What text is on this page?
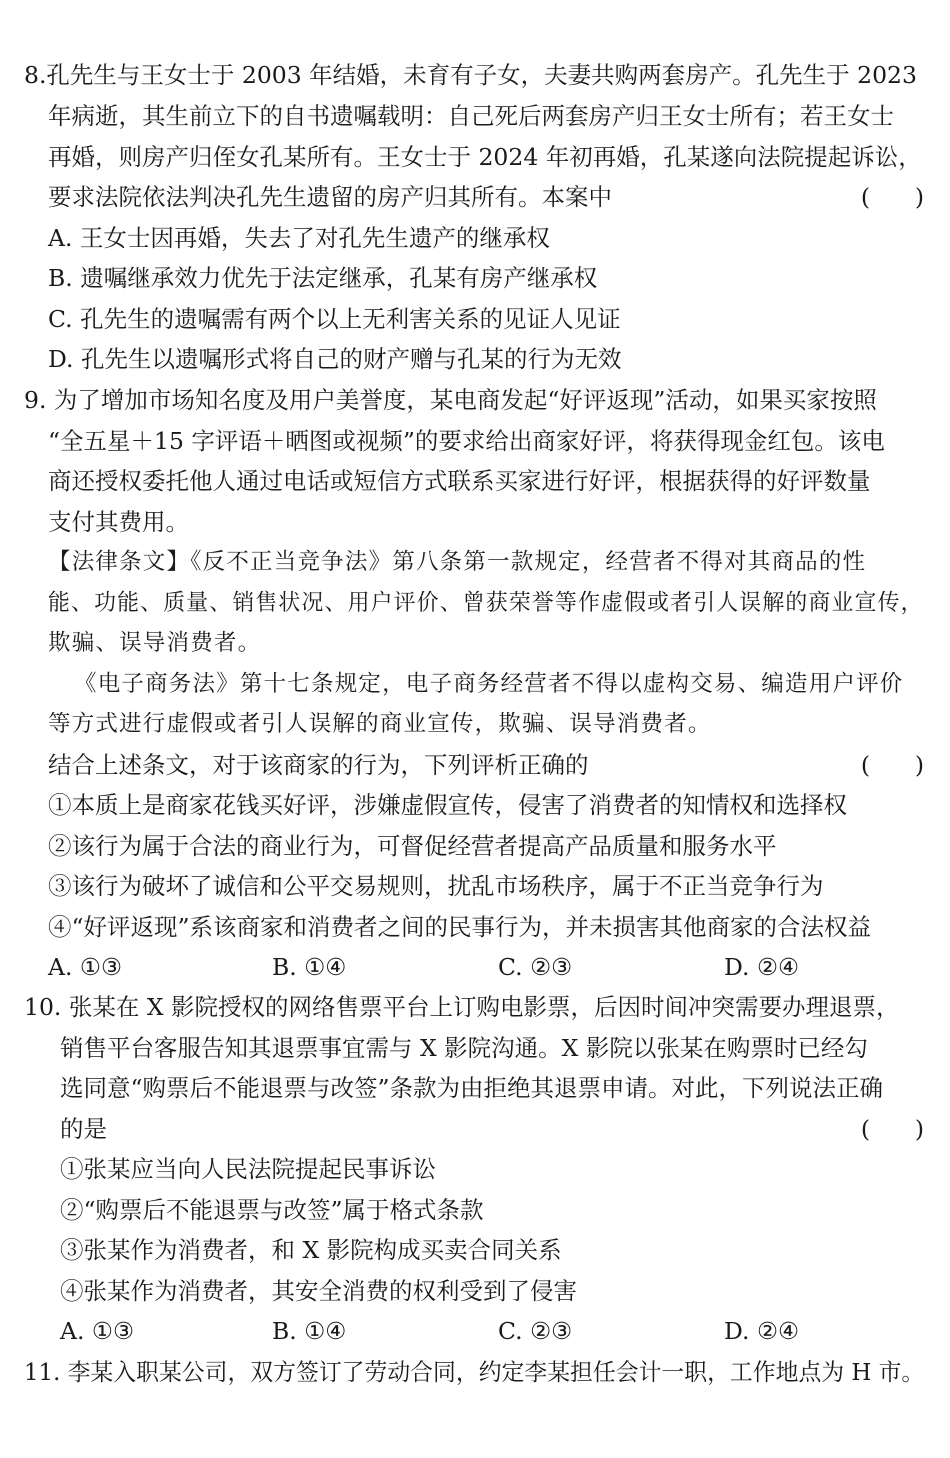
8.孔先生与王女士于 2003 年结婚，未育有子女，夫妻共购两套房产。孔先生于 2023
年病逝，其生前立下的自书遗嘱载明：自己死后两套房产归王女士所有；若王女士
再婚，则房产归侄女孔某所有。王女士于 2024 年初再婚，孔某遂向法院提起诉讼，
要求法院依法判决孔先生遗留的房产归其所有。本案中	(      )
A. 王女士因再婚，失去了对孔先生遗产的继承权
B. 遗嘱继承效力优先于法定继承，孔某有房产继承权
C. 孔先生的遗嘱需有两个以上无利害关系的见证人见证
D. 孔先生以遗嘱形式将自己的财产赠与孔某的行为无效
9. 为了增加市场知名度及用户美誉度，某电商发起“好评返现”活动，如果买家按照
“全五星＋15 字评语＋晒图或视频”的要求给出商家好评，将获得现金红包。该电
商还授权委托他人通过电话或短信方式联系买家进行好评，根据获得的好评数量
支付其费用。
【法律条文】《反不正当竞争法》第八条第一款规定，经营者不得对其商品的性
能、功能、质量、销售状况、用户评价、曾获荣誉等作虚假或者引人误解的商业宣传，
欺骗、误导消费者。
《电子商务法》第十七条规定，电子商务经营者不得以虚构交易、编造用户评价
等方式进行虚假或者引人误解的商业宣传，欺骗、误导消费者。
结合上述条文，对于该商家的行为，下列评析正确的	(      )
①本质上是商家花钱买好评，涉嫌虚假宣传，侵害了消费者的知情权和选择权
②该行为属于合法的商业行为，可督促经营者提高产品质量和服务水平
③该行为破坏了诚信和公平交易规则，扰乱市场秩序，属于不正当竞争行为
④“好评返现”系该商家和消费者之间的民事行为，并未损害其他商家的合法权益
A. ①③	B. ①④	C. ②③	D. ②④
10. 张某在 X 影院授权的网络售票平台上订购电影票，后因时间冲突需要办理退票，
销售平台客服告知其退票事宜需与 X 影院沟通。X 影院以张某在购票时已经勾
选同意“购票后不能退票与改签”条款为由拒绝其退票申请。对此，下列说法正确
的是	(      )
①张某应当向人民法院提起民事诉讼
②“购票后不能退票与改签”属于格式条款
③张某作为消费者，和 X 影院构成买卖合同关系
④张某作为消费者，其安全消费的权利受到了侵害
A. ①③	B. ①④	C. ②③	D. ②④
11. 李某入职某公司，双方签订了劳动合同，约定李某担任会计一职，工作地点为 H 市。
